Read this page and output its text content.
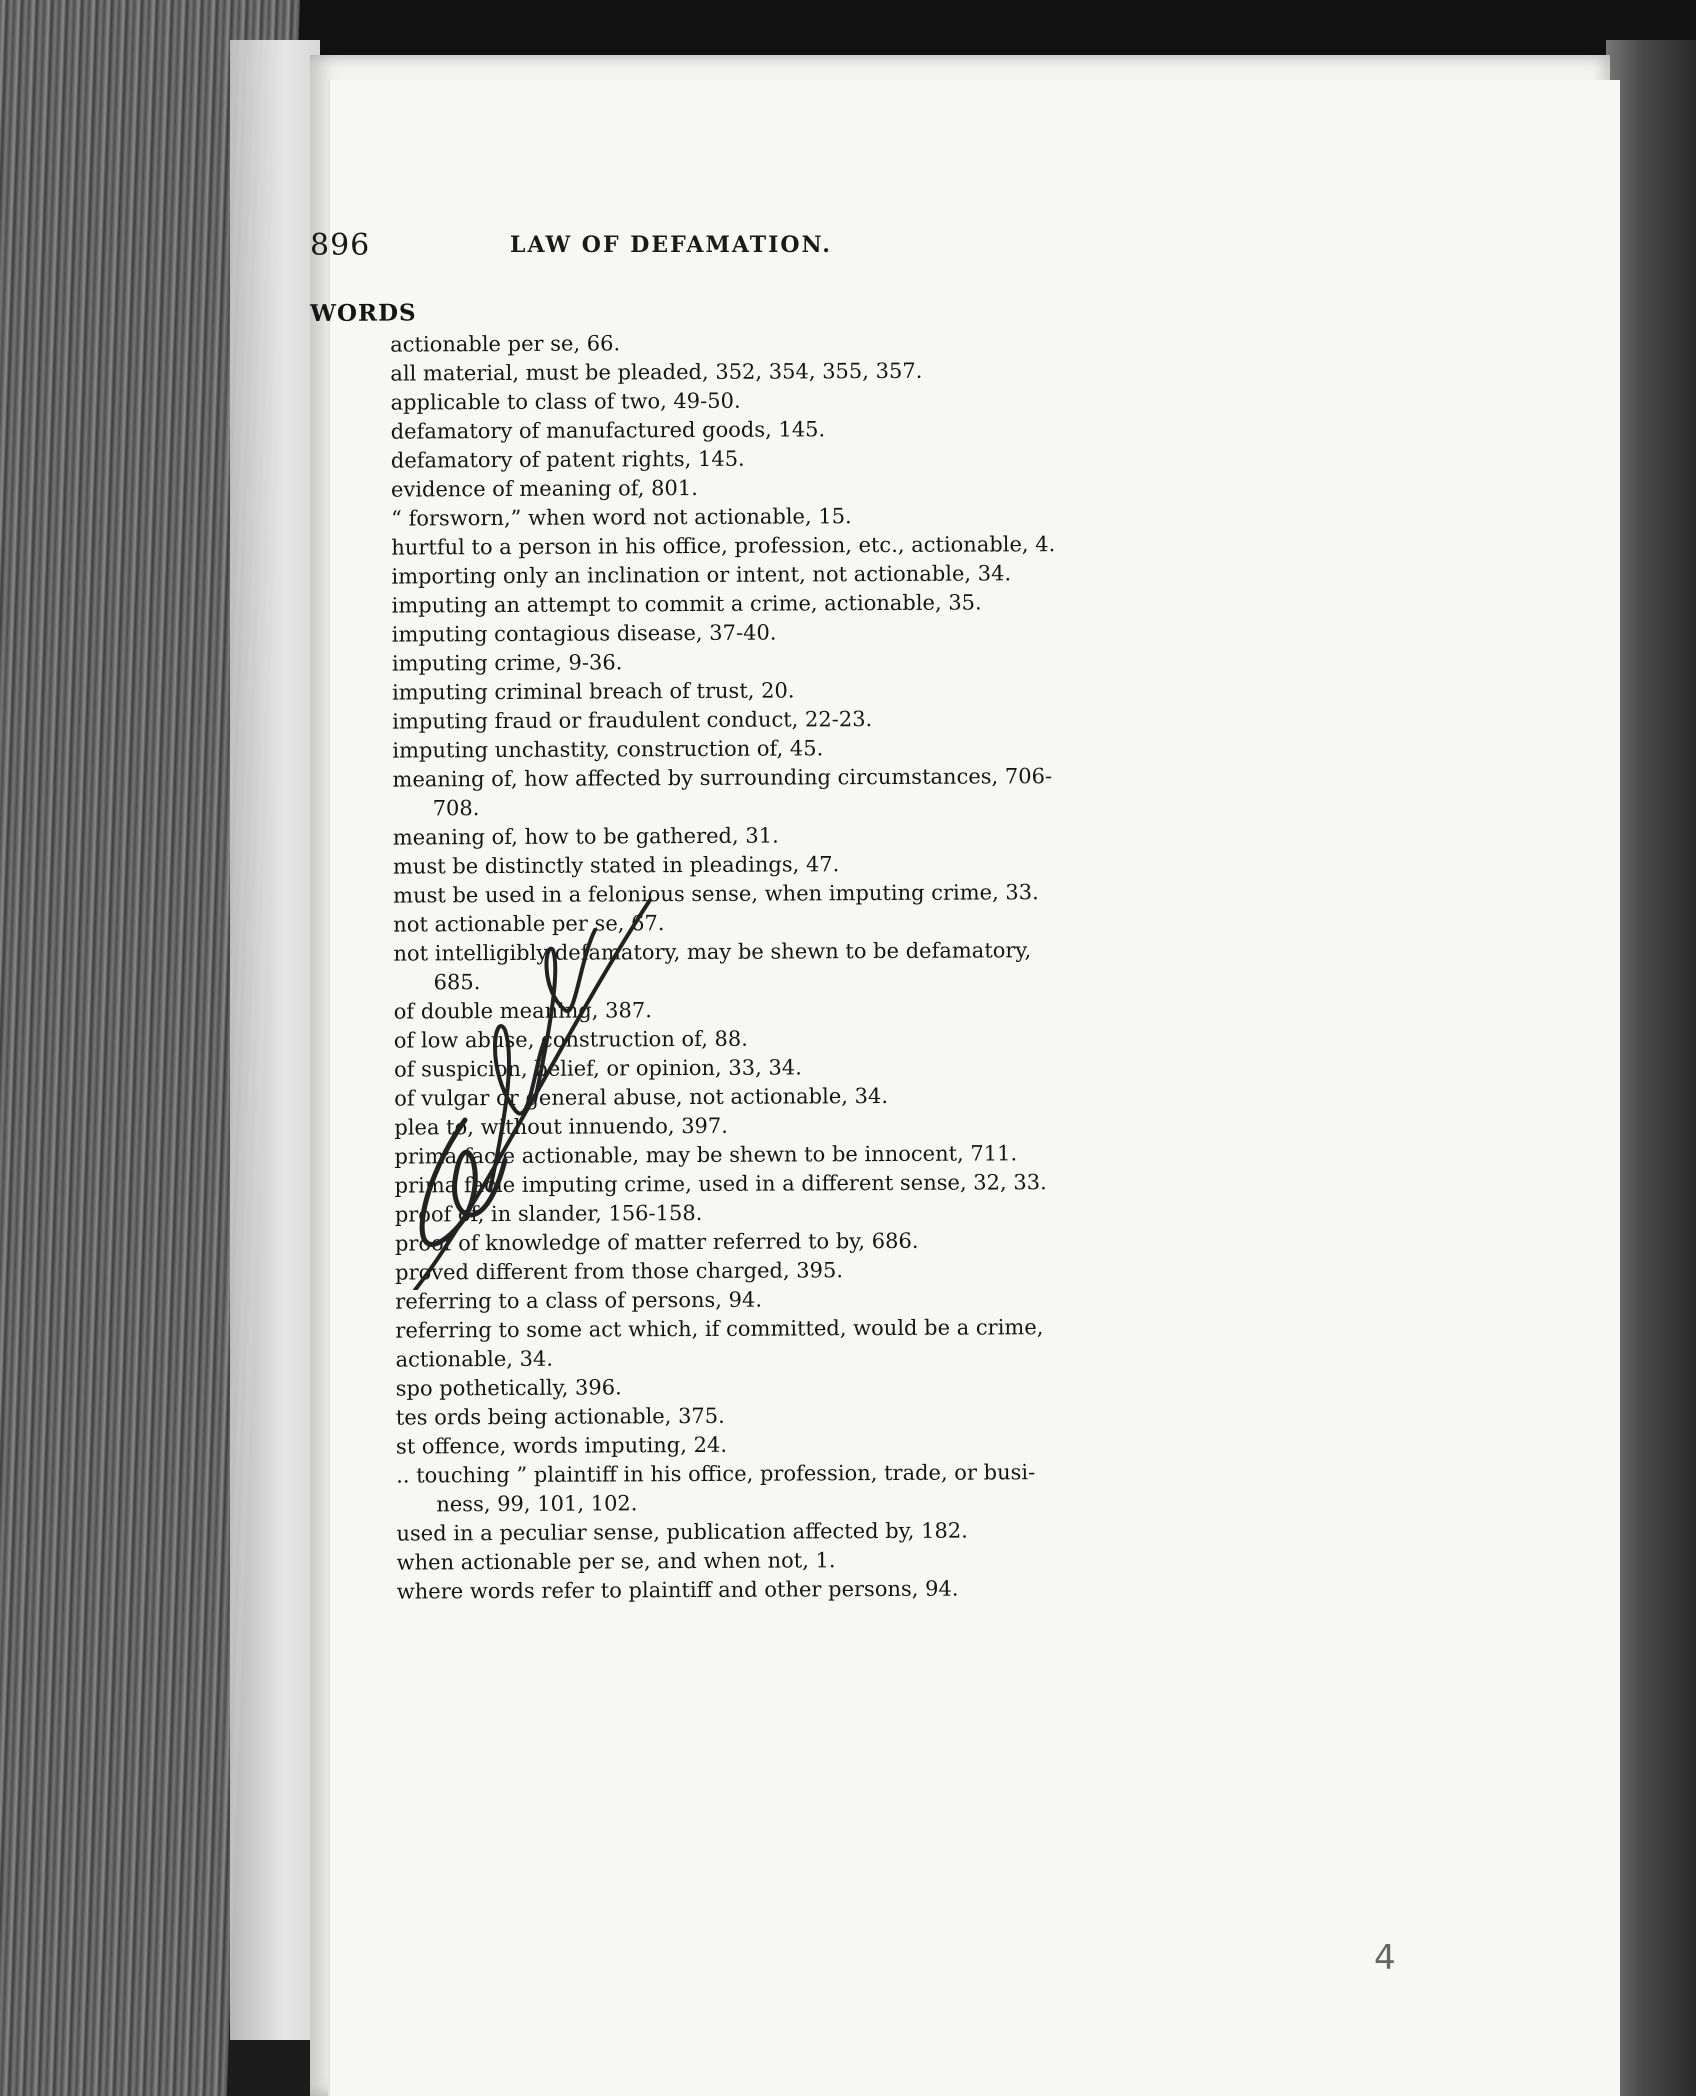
896	LAW OF DEFAMATION.
WORDS
actionable per se, 66.
all material, must be pleaded, 352, 354, 355, 357.
applicable to class of two, 49-50.
defamatory of manufactured goods, 145.
defamatory of patent rights, 145.
evidence of meaning of, 801.
“ forsworn,” when word not actionable, 15.
hurtful to a person in his office, profession, etc., actionable, 4.
importing only an inclination or intent, not actionable, 34.
imputing an attempt to commit a crime, actionable, 35.
imputing contagious disease, 37-40.
imputing crime, 9-36.
imputing criminal breach of trust, 20.
imputing fraud or fraudulent conduct, 22-23.
imputing unchastity, construction of, 45.
meaning of, how affected by surrounding circumstances, 706-
708.
meaning of, how to be gathered, 31.
must be distinctly stated in pleadings, 47.
must be used in a felonious sense, when imputing crime, 33.
not actionable per se, 67.
not intelligibly defamatory, may be shewn to be defamatory,
685.
of double meaning, 387.
of low abuse, construction of, 88.
of suspicion, belief, or opinion, 33, 34.
of vulgar or general abuse, not actionable, 34.
plea to, without innuendo, 397.
prima facie actionable, may be shewn to be innocent, 711.
prima facie imputing crime, used in a different sense, 32, 33.
proof of, in slander, 156-158.
proof of knowledge of matter referred to by, 686.
proved different from those charged, 395.
referring to a class of persons, 94.
referring to some act which, if committed, would be a crime,
actionable, 34.
spo pothetically, 396.
tes ords being actionable, 375.
st offence, words imputing, 24.
.. touching ” plaintiff in his office, profession, trade, or busi-
ness, 99, 101, 102.
used in a peculiar sense, publication affected by, 182.
when actionable per se, and when not, 1.
where words refer to plaintiff and other persons, 94.
4
